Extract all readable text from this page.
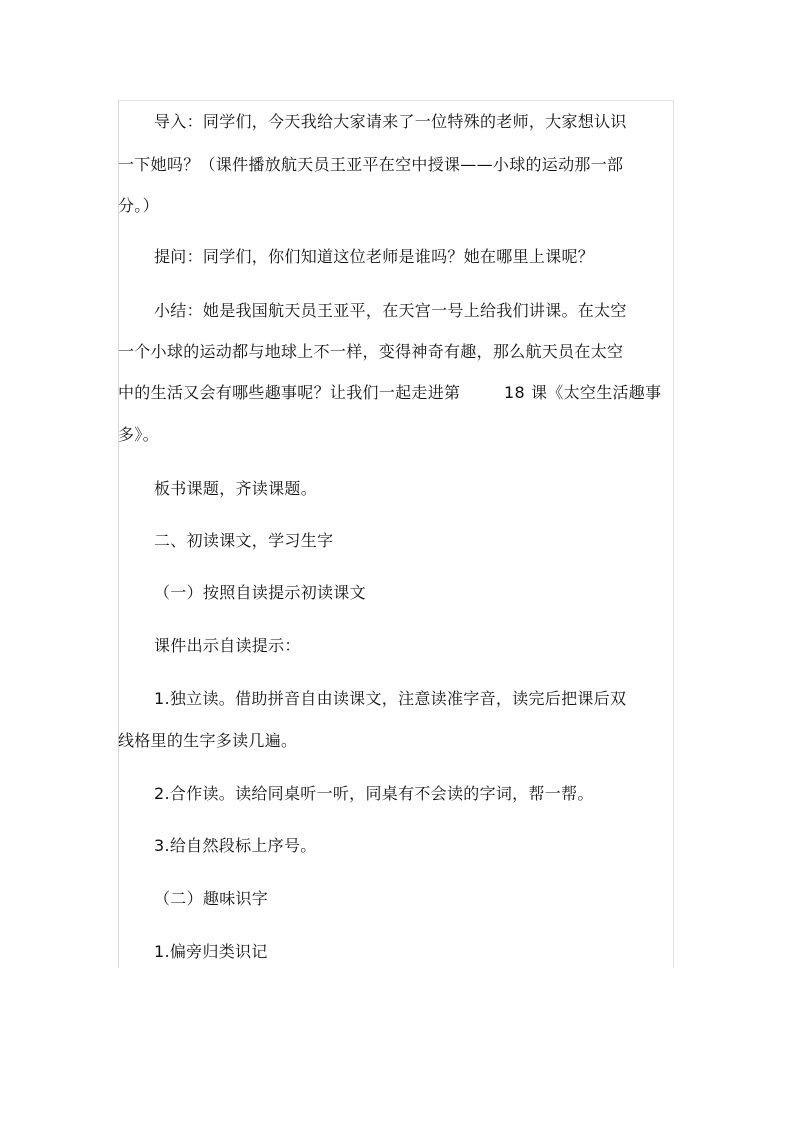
导入：同学们，今天我给大家请来了一位特殊的老师，大家想认识
一下她吗？（课件播放航天员王亚平在空中授课——小球的运动那一部
分。）
提问：同学们，你们知道这位老师是谁吗？她在哪里上课呢？
小结：她是我国航天员王亚平，在天宫一号上给我们讲课。在太空
一个小球的运动都与地球上不一样，变得神奇有趣，那么航天员在太空
中的生活又会有哪些趣事呢？让我们一起走进第	18 课《太空生活趣事
多》。
板书课题，齐读课题。
二、初读课文，学习生字
（一）按照自读提示初读课文
课件出示自读提示：
1.独立读。借助拼音自由读课文，注意读准字音，读完后把课后双
线格里的生字多读几遍。
2.合作读。读给同桌听一听，同桌有不会读的字词，帮一帮。
3.给自然段标上序号。
（二）趣味识字
1.偏旁归类识记
